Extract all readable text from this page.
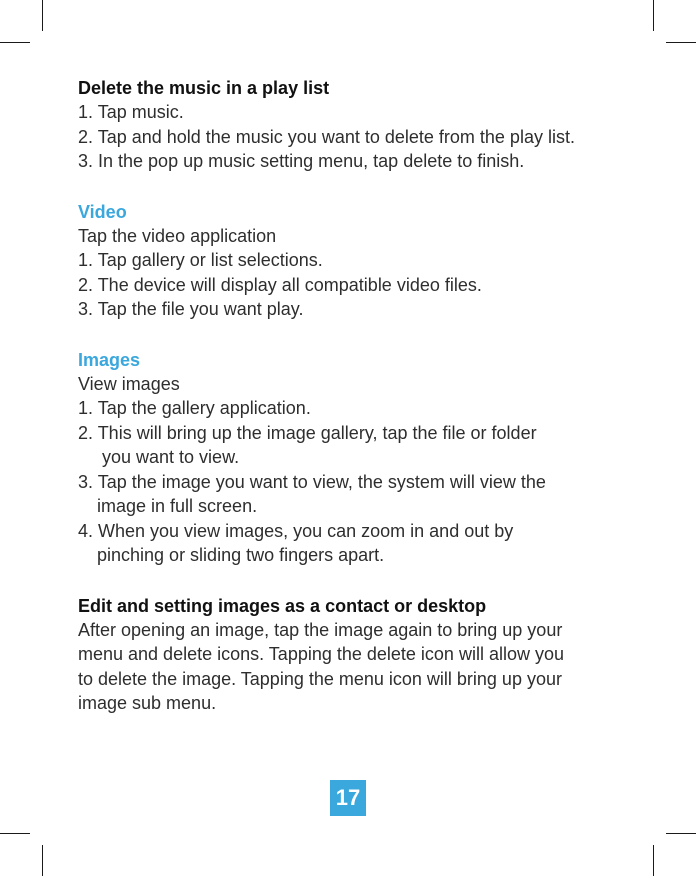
Delete the music in a play list
1. Tap music.
2. Tap and hold the music you want to delete from the play list.
3. In the pop up music setting menu, tap delete to finish.
Video
Tap the video application
1. Tap gallery or list selections.
2. The device will display all compatible video files.
3. Tap the file you want play.
Images
View images
1. Tap the gallery application.
2. This will bring up the image gallery, tap the file or folder
you want to view.
3. Tap the image you want to view, the system will view the
image in full screen.
4. When you view images, you can zoom in and out by
pinching or sliding two fingers apart.
Edit and setting images as a contact or desktop
After opening an image, tap the image again to bring up your
menu and delete icons. Tapping the delete icon will allow you
to delete the image. Tapping the menu icon will bring up your
image sub menu.
17
